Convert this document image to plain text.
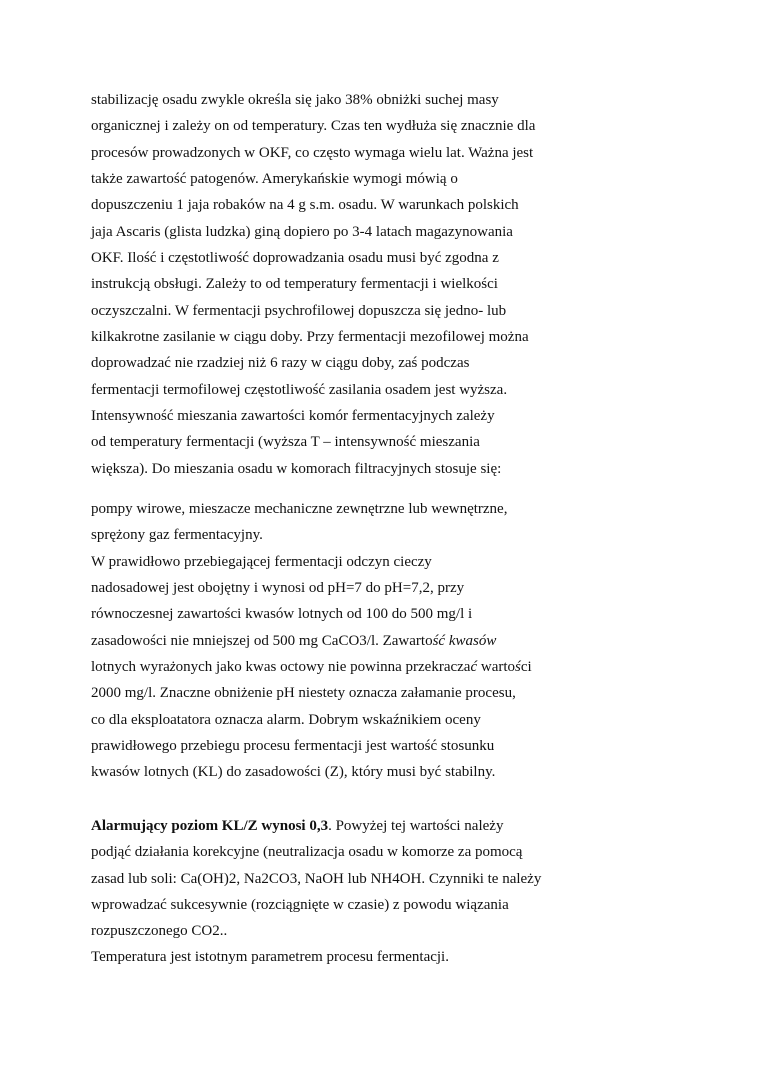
stabilizację osadu zwykle określa się jako 38% obniżki suchej masy
organicznej i zależy on od temperatury. Czas ten wydłuża się znacznie dla
procesów prowadzonych w OKF, co często wymaga wielu lat. Ważna jest
także zawartość patogenów. Amerykańskie wymogi mówią o
dopuszczeniu 1 jaja robaków na 4 g s.m. osadu. W warunkach polskich
jaja Ascaris (glista ludzka) giną dopiero po 3-4 latach magazynowania
OKF. Ilość i częstotliwość doprowadzania osadu musi być zgodna z
instrukcją obsługi. Zależy to od temperatury fermentacji i wielkości
oczyszczalni. W fermentacji psychrofilowej dopuszcza się jedno- lub
kilkakrotne zasilanie w ciągu doby. Przy fermentacji mezofilowej można
doprowadzać nie rzadziej niż 6 razy w ciągu doby, zaś podczas
fermentacji termofilowej częstotliwość zasilania osadem jest wyższa.
Intensywność mieszania zawartości komór fermentacyjnych zależy
od temperatury fermentacji (wyższa T – intensywność mieszania
większa). Do mieszania osadu w komorach filtracyjnych stosuje się:
pompy wirowe, mieszacze mechaniczne zewnętrzne lub wewnętrzne,
sprężony gaz fermentacyjny.
W prawidłowo przebiegającej fermentacji odczyn cieczy
nadosadowej jest obojętny i wynosi od pH=7 do pH=7,2, przy
równoczesnej zawartości kwasów lotnych od 100 do 500 mg/l i
zasadowości nie mniejszej od 500 mg CaCO3/l. Zawartość kwasów
lotnych wyrażonych jako kwas octowy nie powinna przekraczać wartości
2000 mg/l. Znaczne obniżenie pH niestety oznacza załamanie procesu,
co dla eksploatatora oznacza alarm. Dobrym wskaźnikiem oceny
prawidłowego przebiegu procesu fermentacji jest wartość stosunku
kwasów lotnych (KL) do zasadowości (Z), który musi być stabilny.
Alarmujący poziom KL/Z wynosi 0,3. Powyżej tej wartości należy
podjąć działania korekcyjne (neutralizacja osadu w komorze za pomocą
zasad lub soli: Ca(OH)2, Na2CO3, NaOH lub NH4OH. Czynniki te należy
wprowadzać sukcesywnie (rozciągnięte w czasie) z powodu wiązania
rozpuszczonego CO2..
Temperatura jest istotnym parametrem procesu fermentacji.
